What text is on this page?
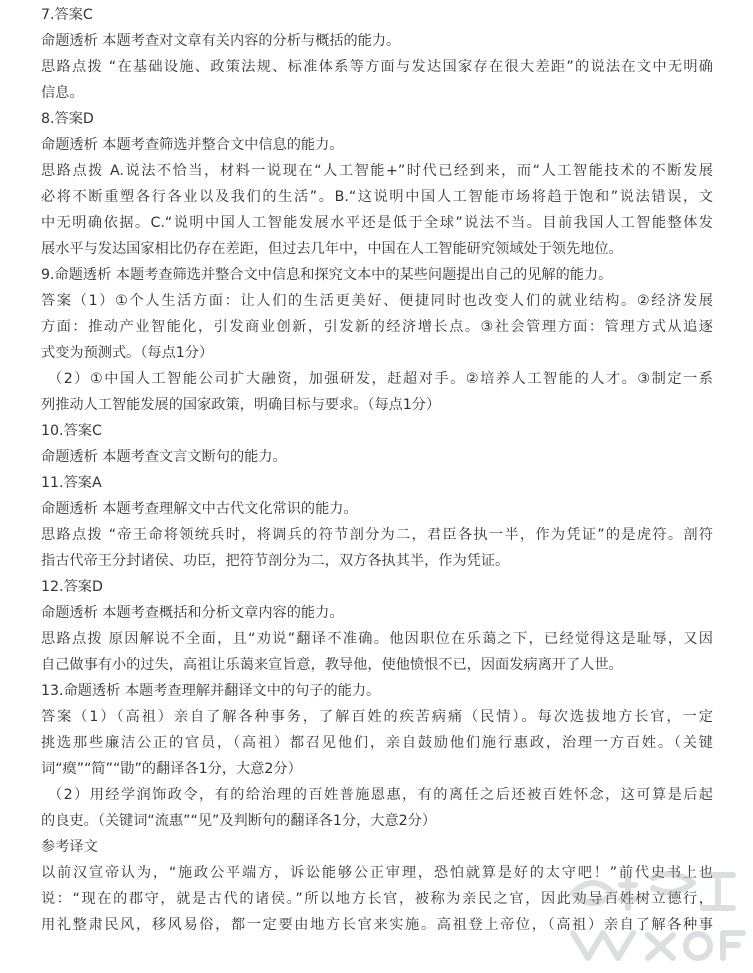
7.答案C
命题透析 本题考查对文章有关内容的分析与概括的能力。
思路点拨 “在基础设施、政策法规、标准体系等方面与发达国家存在很大差距”的说法在文中无明确
信息。
8.答案D
命题透析 本题考查筛选并整合文中信息的能力。
思路点拨 A.说法不恰当，材料一说现在“人工智能+”时代已经到来，而“人工智能技术的不断发展
必将不断重塑各行各业以及我们的生活”。B.“这说明中国人工智能市场将趋于饱和”说法错误，文
中无明确依据。C.“说明中国人工智能发展水平还是低于全球”说法不当。目前我国人工智能整体发
展水平与发达国家相比仍存在差距，但过去几年中，中国在人工智能研究领域处于领先地位。
9.命题透析 本题考查筛选并整合文中信息和探究文本中的某些问题提出自己的见解的能力。
答案（1）①个人生活方面：让人们的生活更美好、便捷同时也改变人们的就业结构。②经济发展
方面：推动产业智能化，引发商业创新，引发新的经济增长点。③社会管理方面：管理方式从追逐
式变为预测式。（每点1分）
（2）①中国人工智能公司扩大融资，加强研发，赶超对手。②培养人工智能的人才。③制定一系
列推动人工智能发展的国家政策，明确目标与要求。（每点1分）
10.答案C
命题透析 本题考查文言文断句的能力。
11.答案A
命题透析 本题考查理解文中古代文化常识的能力。
思路点拨 “帝王命将领统兵时，将调兵的符节剖分为二，君臣各执一半，作为凭证”的是虎符。剖符
指古代帝王分封诸侯、功臣，把符节剖分为二，双方各执其半，作为凭证。
12.答案D
命题透析 本题考查概括和分析文章内容的能力。
思路点拨 原因解说不全面，且“劝说”翻译不准确。他因职位在乐蔼之下，已经觉得这是耻辱，又因
自己做事有小的过失，高祖让乐蔼来宣旨意，教导他，使他愤恨不已，因面发病离开了人世。
13.命题透析 本题考查理解并翻译文中的句子的能力。
答案（1）（高祖）亲自了解各种事务，了解百姓的疾苦病痛（民情）。每次选拔地方长官，一定
挑选那些廉洁公正的官员，（高祖）都召见他们，亲自鼓励他们施行惠政，治理一方百姓。（关键
词“瘼”“简”“勖”的翻译各1分，大意2分）
（2）用经学润饰政令，有的给治理的百姓普施恩惠，有的离任之后还被百姓怀念，这可算是后起
的良吏。（关键词“流惠”“见”及判断句的翻译各1分，大意2分）
参考译文
以前汉宣帝认为，“施政公平端方，诉讼能够公正审理，恐怕就算是好的太守吧！”前代史书上也
说：“现在的郡守，就是古代的诸侯。”所以地方长官，被称为亲民之官，因此劝导百姓树立德行，
用礼整肃民风，移风易俗，都一定要由地方长官来实施。高祖登上帝位，（高祖）亲自了解各种事
